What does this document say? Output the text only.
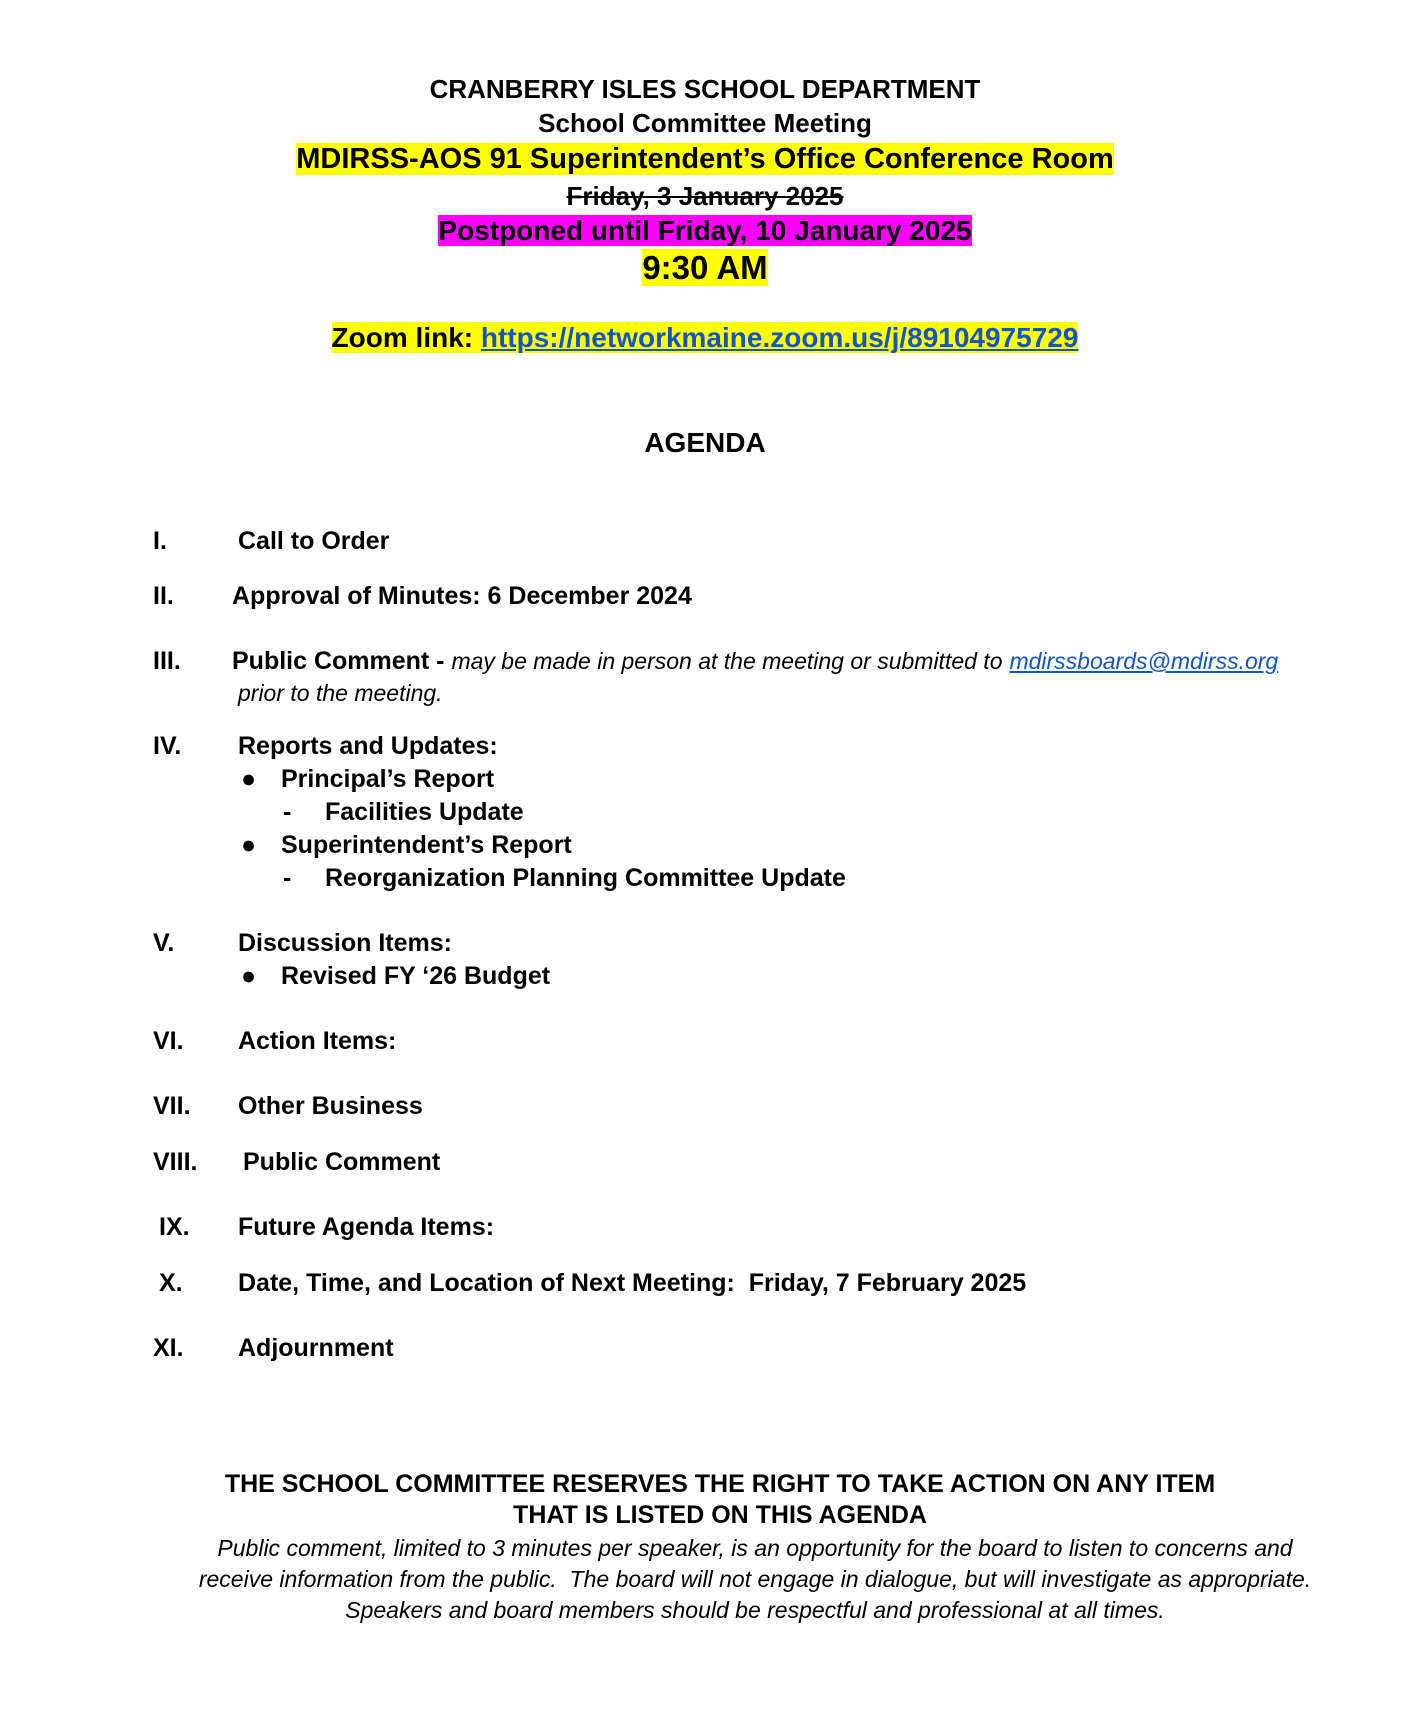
CRANBERRY ISLES SCHOOL DEPARTMENT
School Committee Meeting
MDIRSS-AOS 91 Superintendent’s Office Conference Room
Friday, 3 January 2025
Postponed until Friday, 10 January 2025
9:30 AM
Zoom link: https://networkmaine.zoom.us/j/89104975729
AGENDA
I.	Call to Order
II. Approval of Minutes: 6 December 2024
III. Public Comment - may be made in person at the meeting or submitted to mdirssboards@mdirss.org
prior to the meeting.
IV. Reports and Updates:
● Principal’s Report
- Facilities Update
● Superintendent’s Report
- Reorganization Planning Committee Update
V.	Discussion Items:
● Revised FY ‘26 Budget
VI. Action Items:
VII. Other Business
VIII. Public Comment
IX. Future Agenda Items:
X. Date, Time, and Location of Next Meeting:  Friday, 7 February 2025
XI. Adjournment
THE SCHOOL COMMITTEE RESERVES THE RIGHT TO TAKE ACTION ON ANY ITEM
THAT IS LISTED ON THIS AGENDA
Public comment, limited to 3 minutes per speaker, is an opportunity for the board to listen to concerns and
receive information from the public.  The board will not engage in dialogue, but will investigate as appropriate.
Speakers and board members should be respectful and professional at all times.
